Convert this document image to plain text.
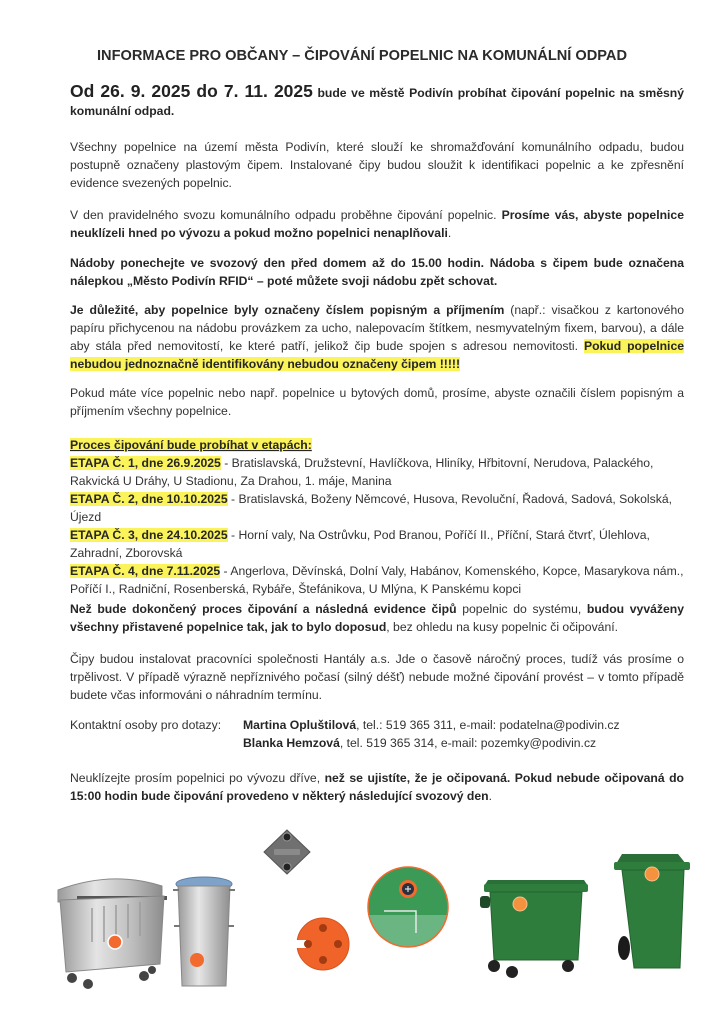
INFORMACE PRO OBČANY – ČIPOVÁNÍ POPELNIC NA KOMUNÁLNÍ ODPAD
Od 26. 9. 2025 do 7. 11. 2025 bude ve městě Podivín probíhat čipování popelnic na směsný komunální odpad.
Všechny popelnice na území města Podivín, které slouží ke shromažďování komunálního odpadu, budou postupně označeny plastovým čipem. Instalované čipy budou sloužit k identifikaci popelnic a ke zpřesnění evidence svezených popelnic.
V den pravidelného svozu komunálního odpadu proběhne čipování popelnic. Prosíme vás, abyste popelnice neuklízeli hned po vývozu a pokud možno popelnici nenaplňovali.
Nádoby ponechejte ve svozový den před domem až do 15.00 hodin. Nádoba s čipem bude označena nálepkou „Město Podivín RFID“ – poté můžete svoji nádobu zpět schovat.
Je důležité, aby popelnice byly označeny číslem popisným a příjmením (např.: visačkou z kartonového papíru přichycenou na nádobu provázkem za ucho, nalepovacím štítkem, nesmyvatelným fixem, barvou), a dále aby stála před nemovitostí, ke které patří, jelikož čip bude spojen s adresou nemovitosti. Pokud popelnice nebudou jednoznačně identifikovány nebudou označeny čipem !!!!!
Pokud máte více popelnic nebo např. popelnice u bytových domů, prosíme, abyste označili číslem popisným a příjmením všechny popelnice.
Proces čipování bude probíhat v etapách:
ETAPA Č. 1, dne 26.9.2025 - Bratislavská, Družstevní, Havlíčkova, Hliníky, Hřbitovní, Nerudova, Palackého, Rakvická U Dráhy, U Stadionu, Za Drahou, 1. máje, Manina
ETAPA Č. 2, dne 10.10.2025 - Bratislavská, Boženy Němcové, Husova, Revoluční, Řadová, Sadová, Sokolská, Újezd
ETAPA Č. 3, dne 24.10.2025 - Horní valy, Na Ostrůvku, Pod Branou, Poříčí II., Příční, Stará čtvrť, Úlehlova, Zahradní, Zborovská
ETAPA Č. 4, dne 7.11.2025 - Angerlova, Děvínská, Dolní Valy, Habánov, Komenského, Kopce, Masarykova nám., Poříčí I., Radniční, Rosenberská, Rybáře, Štefánikova, U Mlýna, K Panskému kopci
Než bude dokončený proces čipování a následná evidence čipů popelnic do systému, budou vyváženy všechny přistavené popelnice tak, jak to bylo doposud, bez ohledu na kusy popelnic či očipování.
Čipy budou instalovat pracovníci společnosti Hantály a.s. Jde o časově náročný proces, tudíž vás prosíme o trpělivost. V případě výrazně nepříznivého počasí (silný déšť) nebude možné čipování provést – v tomto případě budete včas informováni o náhradním termínu.
Kontaktní osoby pro dotazy: Martina Opluštilová, tel.: 519 365 311, e-mail: podatelna@podivin.cz
Blanka Hemzová, tel. 519 365 314, e-mail: pozemky@podivin.cz
Neuklízejte prosím popelnici po vývozu dříve, než se ujistíte, že je očipovaná. Pokud nebude očipovaná do 15:00 hodin bude čipování provedeno v některý následující svozový den.
